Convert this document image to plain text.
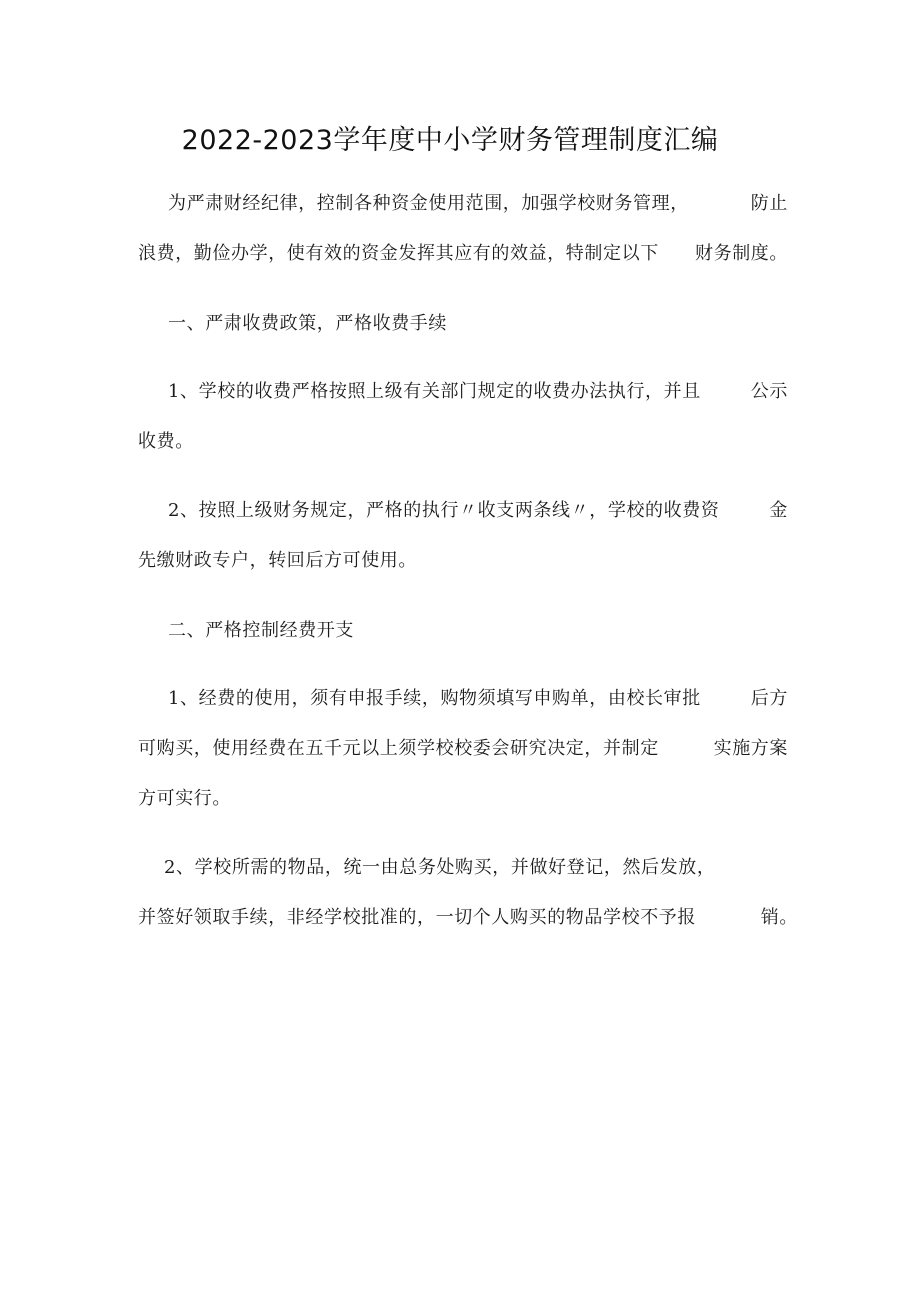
2022-2023学年度中小学财务管理制度汇编
为严肃财经纪律，控制各种资金使用范围，加强学校财务管理，	防止
浪费，勤俭办学，使有效的资金发挥其应有的效益，特制定以下 财务制度。
一、严肃收费政策，严格收费手续
1、学校的收费严格按照上级有关部门规定的收费办法执行，并且	公示
收费。
2、按照上级财务规定，严格的执行〃收支两条线〃，学校的收费资	金
先缴财政专户，转回后方可使用。
二、严格控制经费开支
1、经费的使用，须有申报手续，购物须填写申购单，由校长审批	后方
可购买，使用经费在五千元以上须学校校委会研究决定，并制定	实施方案
方可实行。
2、学校所需的物品，统一由总务处购买，并做好登记，然后发放，
并签好领取手续，非经学校批准的，一切个人购买的物品学校不予报	销。
